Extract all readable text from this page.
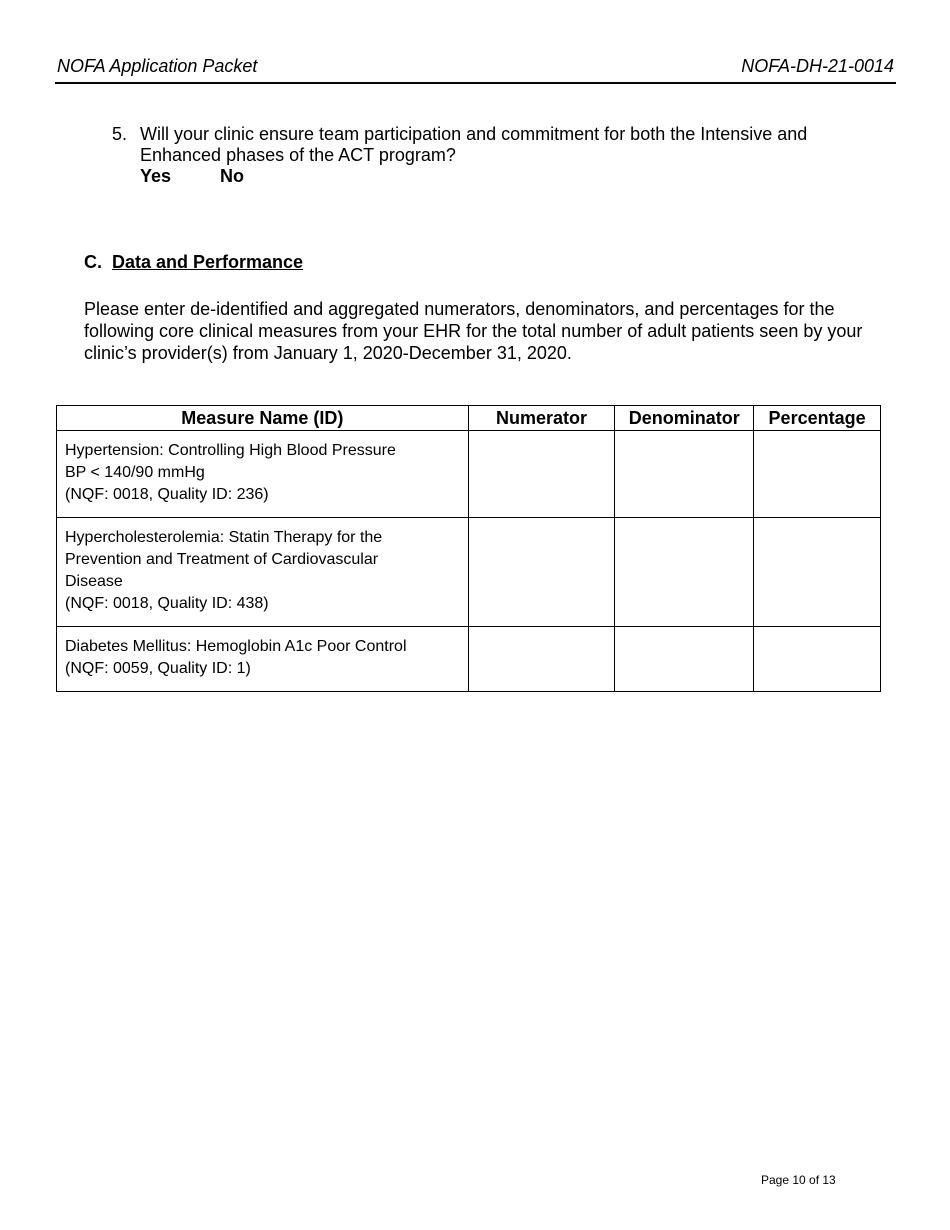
NOFA Application Packet	NOFA-DH-21-0014
5. Will your clinic ensure team participation and commitment for both the Intensive and
Enhanced phases of the ACT program?
Yes	No
C. Data and Performance
Please enter de-identified and aggregated numerators, denominators, and percentages for the
following core clinical measures from your EHR for the total number of adult patients seen by your
clinic’s provider(s) from January 1, 2020-December 31, 2020.
Measure Name (ID)	Numerator	Denominator	Percentage

Hypertension: Controlling High Blood Pressure
BP < 140/90 mmHg
(NQF: 0018, Quality ID: 236)			

Hypercholesterolemia: Statin Therapy for the
Prevention and Treatment of Cardiovascular
Disease
(NQF: 0018, Quality ID: 438)			

Diabetes Mellitus: Hemoglobin A1c Poor Control
(NQF: 0059, Quality ID: 1)			

Page 10 of 13
